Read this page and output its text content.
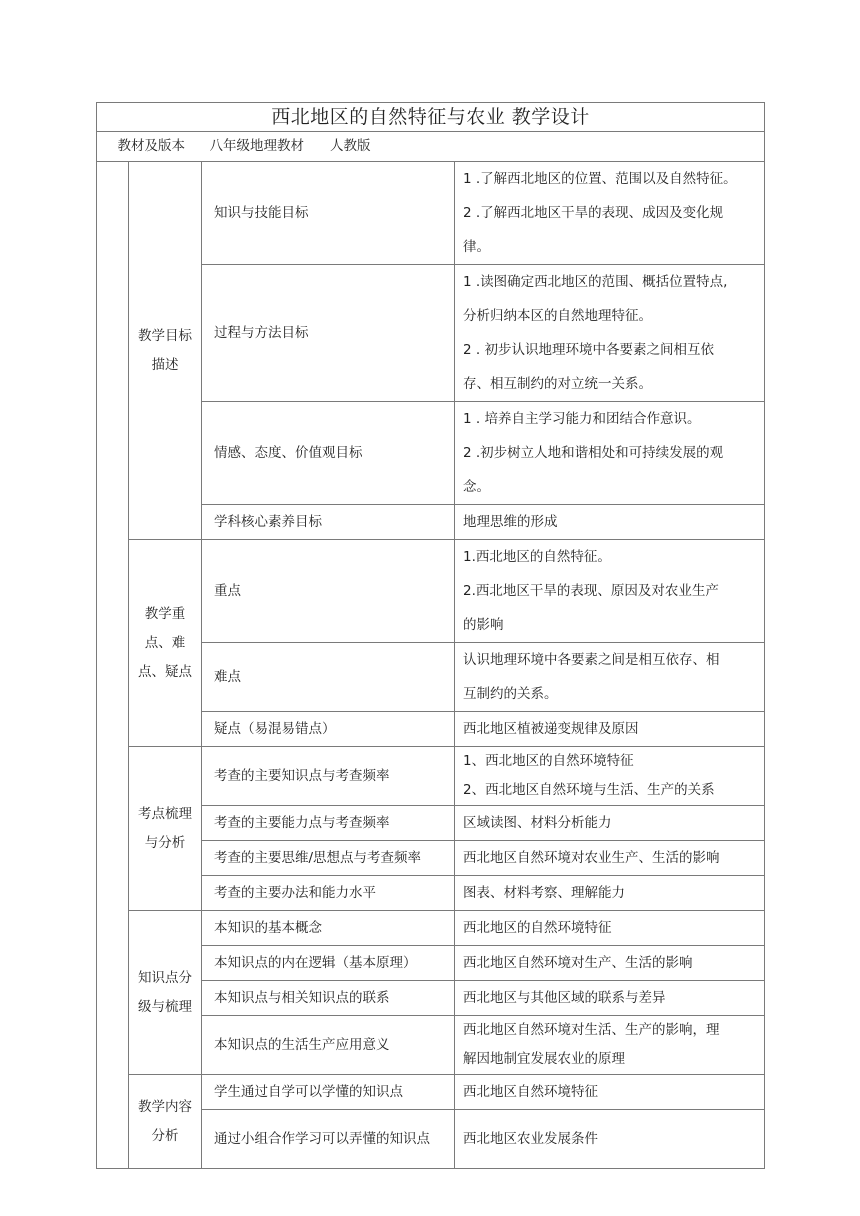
西北地区的自然特征与农业 教学设计			
教材及版本		八年级地理教材 人教版	
	教学目标描述	知识与技能目标	1 .了解西北地区的位置、范围以及自然特征。
2 .了解西北地区干旱的表现、成因及变化规
律。

		过程与方法目标	1 .读图确定西北地区的范围、概括位置特点,
分析归纳本区的自然地理特征。
2 . 初步认识地理环境中各要素之间相互依
存、相互制约的对立统一关系。

		情感、态度、价值观目标	1 . 培养自主学习能力和团结合作意识。
2 .初步树立人地和谐相处和可持续发展的观
念。

		学科核心素养目标	地理思维的形成

	教学重点、难点、疑点	重点	1.西北地区的自然特征。
2.西北地区干旱的表现、原因及对农业生产
的影响

		难点	认识地理环境中各要素之间是相互依存、相
互制约的关系。

		疑点（易混易错点）	西北地区植被递变规律及原因

	考点梳理与分析	考查的主要知识点与考查频率	1、西北地区的自然环境特征
2、西北地区自然环境与生活、生产的关系

		考查的主要能力点与考查频率	区域读图、材料分析能力

		考查的主要思维/思想点与考查频率	西北地区自然环境对农业生产、生活的影响

		考查的主要办法和能力水平	图表、材料考察、理解能力

	知识点分级与梳理	本知识的基本概念	西北地区的自然环境特征

		本知识点的内在逻辑（基本原理）	西北地区自然环境对生产、生活的影响

		本知识点与相关知识点的联系	西北地区与其他区域的联系与差异

		本知识点的生活生产应用意义	西北地区自然环境对生活、生产的影响，理
解因地制宜发展农业的原理

	教学内容分析	学生通过自学可以学懂的知识点	西北地区自然环境特征

		通过小组合作学习可以弄懂的知识点	西北地区农业发展条件
